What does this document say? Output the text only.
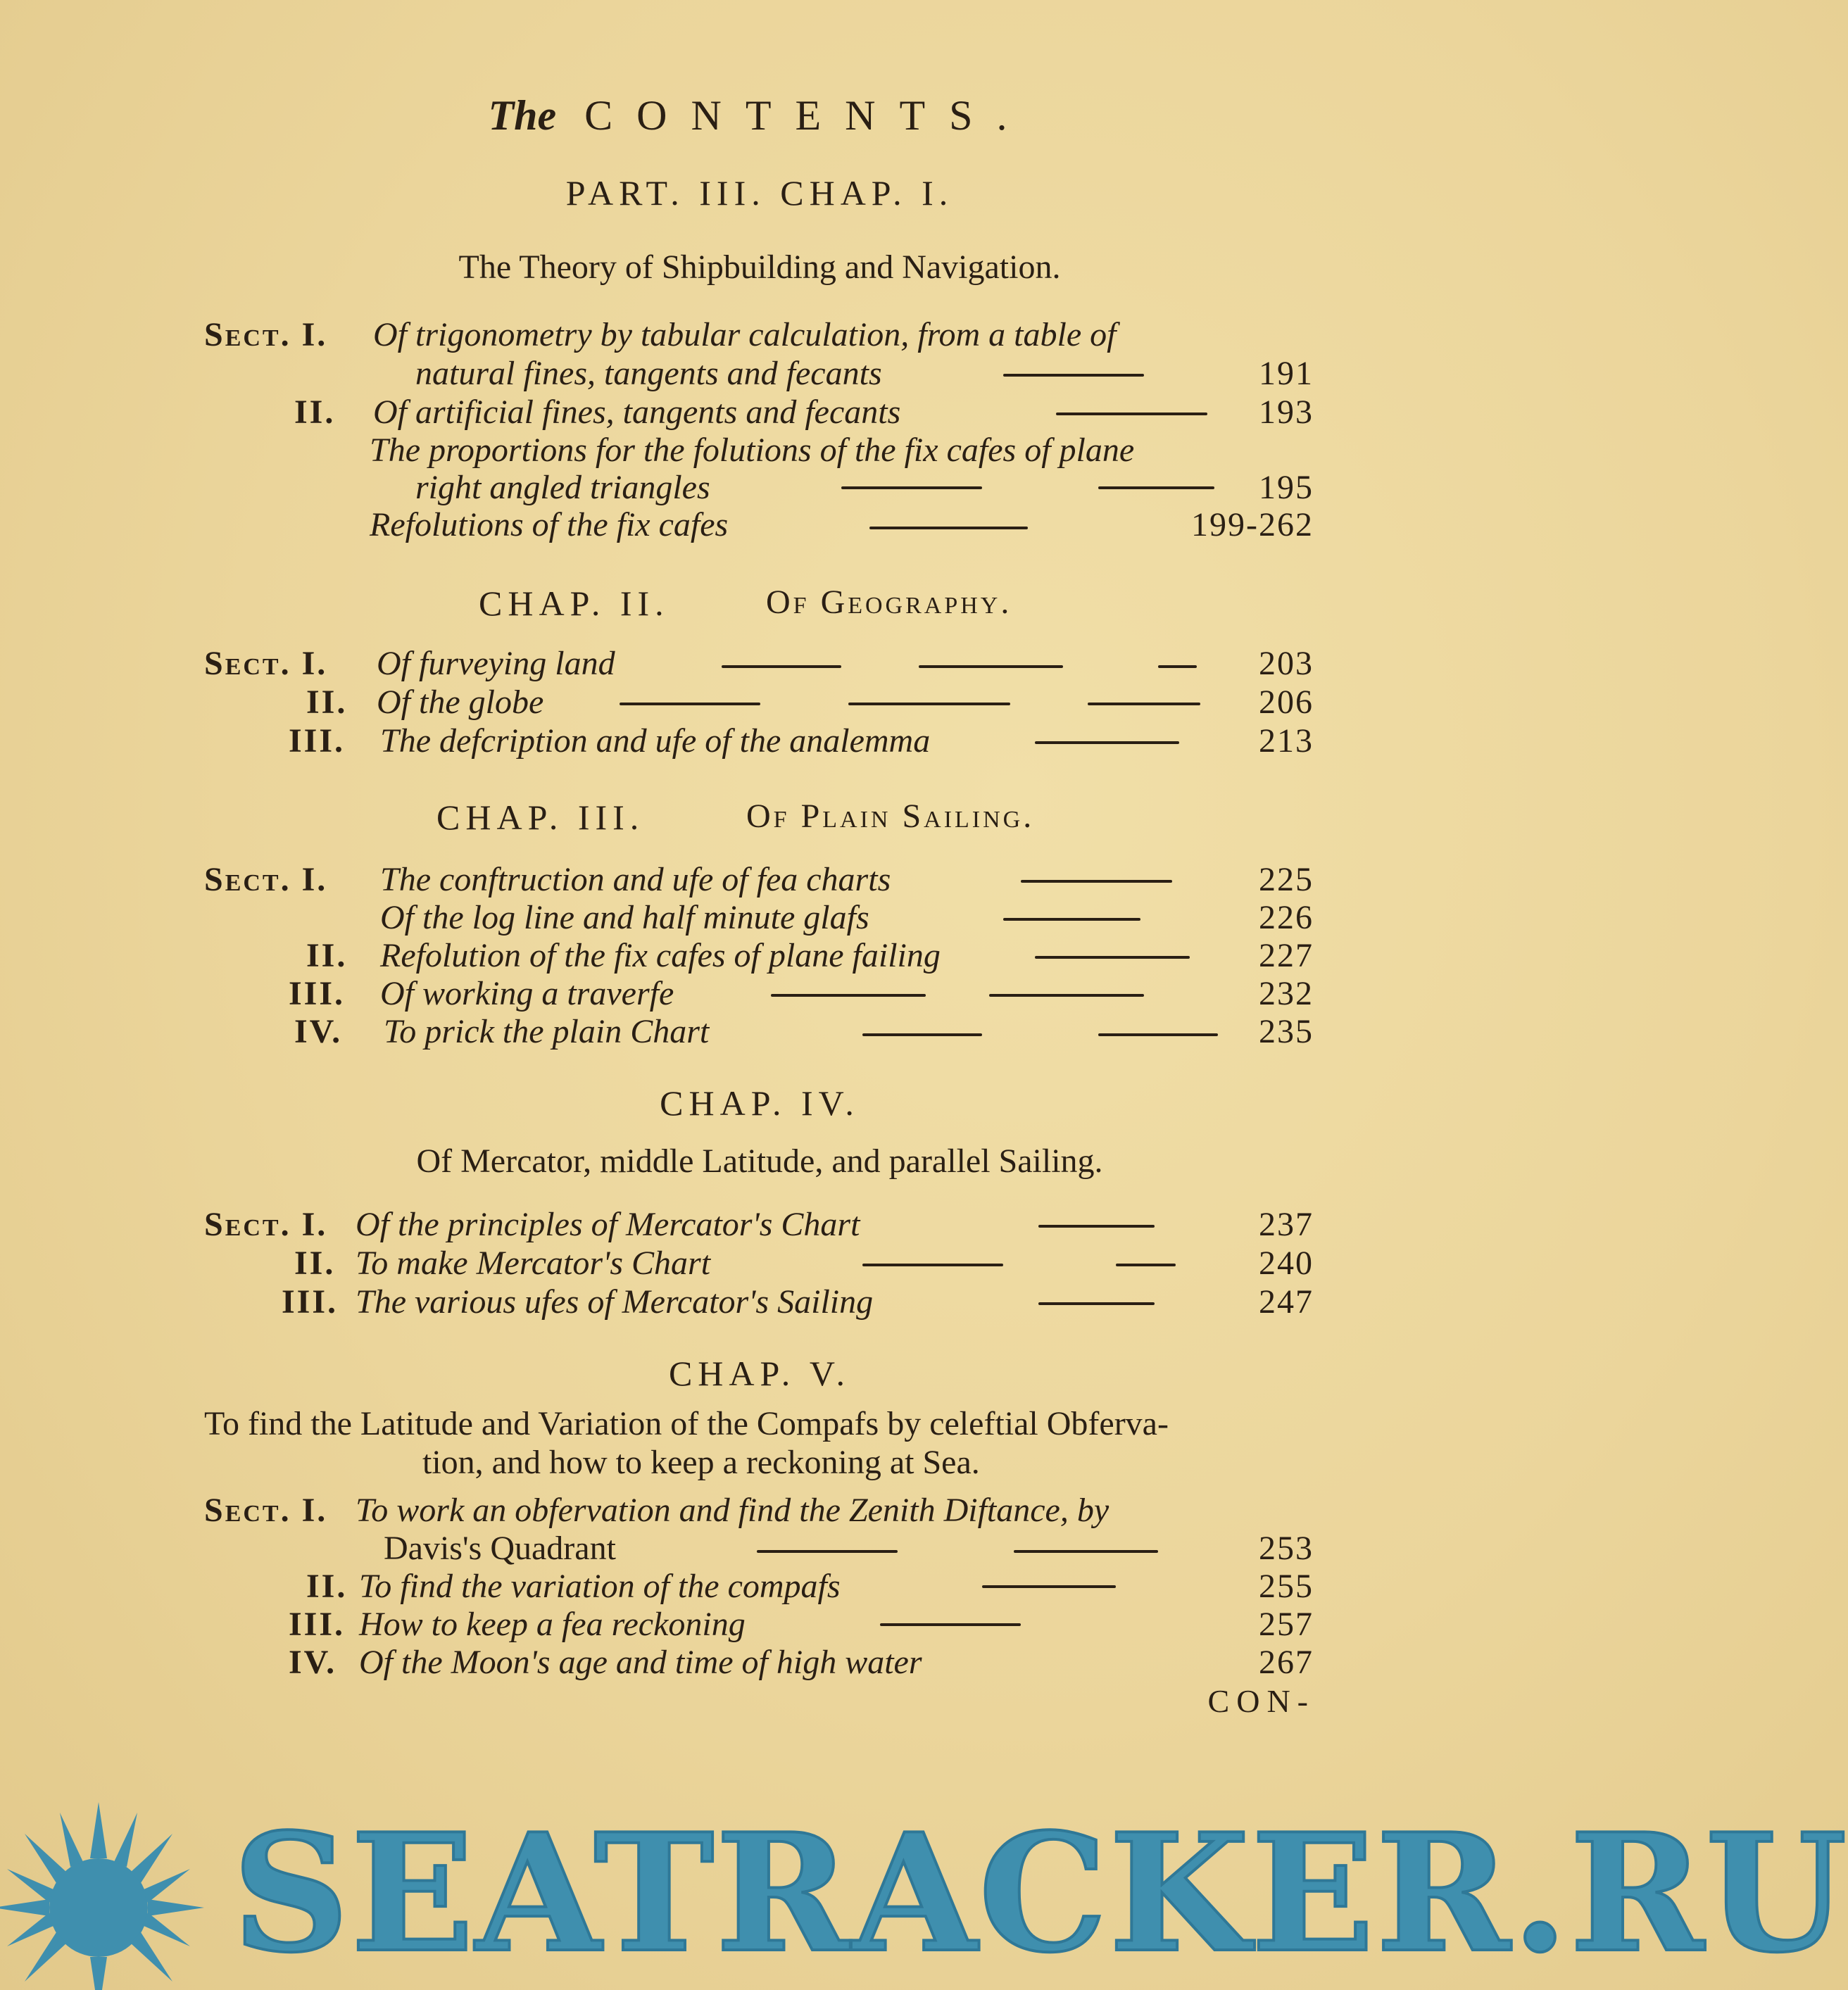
The CONTENTS.
PART. III. CHAP. I.
The Theory of Shipbuilding and Navigation.
Sect. I. Of trigonometry by tabular calculation, from a table of
natural fines, tangents and fecants	191
II. Of artificial fines, tangents and fecants	193
The proportions for the folutions of the fix cafes of plane
right angled triangles	195
Refolutions of the fix cafes	199-262
CHAP. II.	Of Geography.
Sect. I. Of furveying land	203
II. Of the globe	206
III. The defcription and ufe of the analemma	213
CHAP. III.	Of Plain Sailing.
Sect. I. The conftruction and ufe of fea charts	225
Of the log line and half minute glafs	226
II. Refolution of the fix cafes of plane failing	227
III. Of working a traverfe	232
IV. To prick the plain Chart	235
CHAP. IV.
Of Mercator, middle Latitude, and parallel Sailing.
Sect. I. Of the principles of Mercator's Chart	237
II. To make Mercator's Chart	240
III. The various ufes of Mercator's Sailing	247
CHAP. V.
To find the Latitude and Variation of the Compafs by celeftial Obferva-
tion, and how to keep a reckoning at Sea.
Sect. I. To work an obfervation and find the Zenith Diftance, by
Davis's Quadrant	253
II. To find the variation of the compafs	255
III. How to keep a fea reckoning	257
IV. Of the Moon's age and time of high water	267
CON-
SEATRACKER.RU
